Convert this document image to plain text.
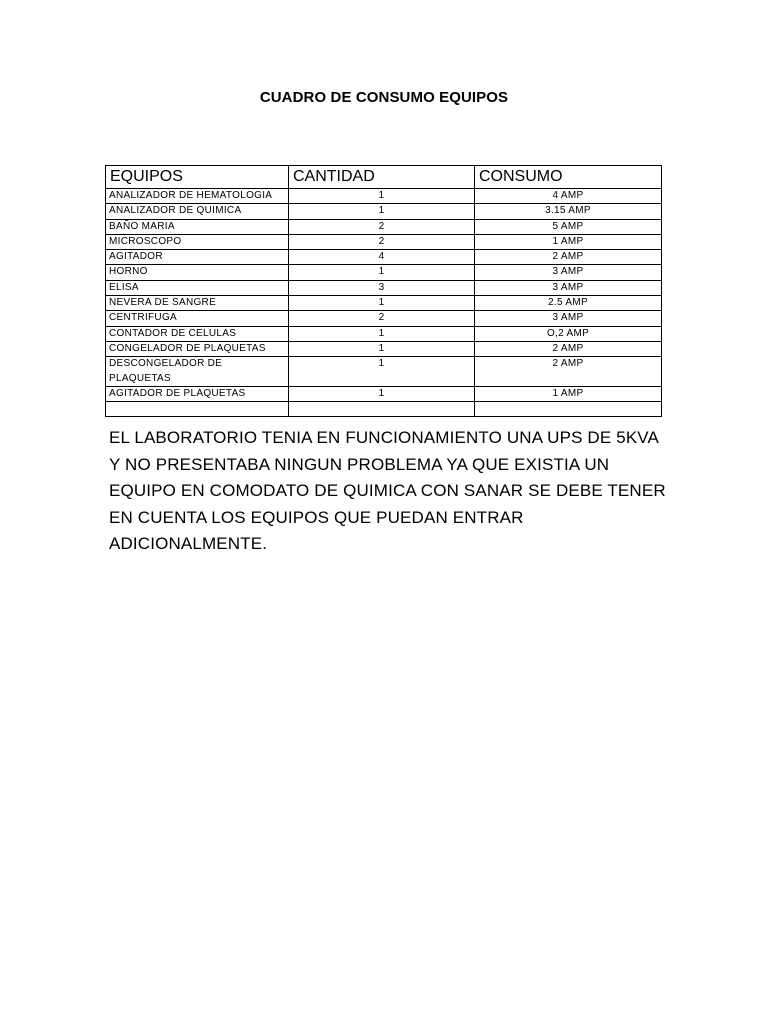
CUADRO DE CONSUMO EQUIPOS
EQUIPOS	CANTIDAD	CONSUMO
ANALIZADOR DE HEMATOLOGIA	1	4 AMP
ANALIZADOR DE QUIMICA	1	3.15 AMP
BAÑO MARIA	2	5 AMP
MICROSCOPO	2	1 AMP
AGITADOR	4	2 AMP
HORNO	1	3 AMP
ELISA	3	3 AMP
NEVERA DE SANGRE	1	2.5 AMP
CENTRIFUGA	2	3 AMP
CONTADOR DE CELULAS	1	O,2 AMP
CONGELADOR DE PLAQUETAS	1	2 AMP
DESCONGELADOR DE PLAQUETAS	1	2 AMP
AGITADOR DE PLAQUETAS	1	1 AMP

EL LABORATORIO TENIA EN FUNCIONAMIENTO UNA UPS DE 5KVA Y NO PRESENTABA NINGUN PROBLEMA YA QUE EXISTIA UN EQUIPO EN COMODATO DE QUIMICA CON SANAR SE DEBE TENER EN CUENTA LOS EQUIPOS QUE PUEDAN ENTRAR ADICIONALMENTE.
